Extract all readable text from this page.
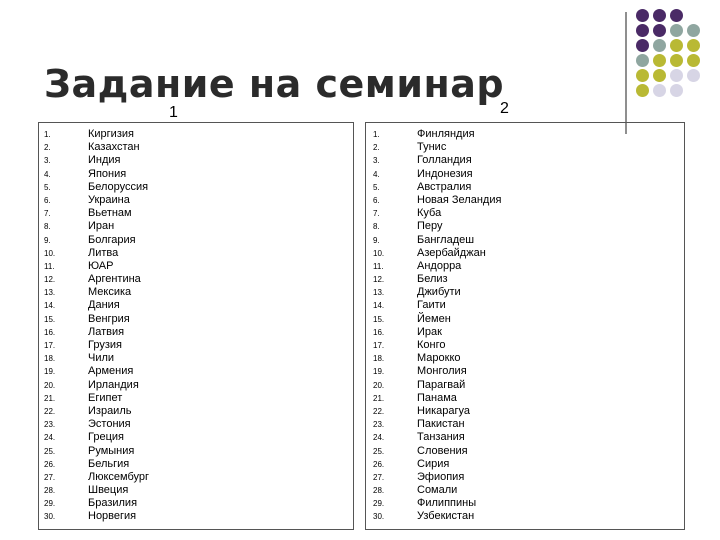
Задание на семинар
1	2
1.	Киргизия
2.	Казахстан
3.	Индия
4.	Япония
5.	Белоруссия
6.	Украина
7.	Вьетнам
8.	Иран
9.	Болгария
10.	Литва
11.	ЮАР
12.	Аргентина
13.	Мексика
14.	Дания
15.	Венгрия
16.	Латвия
17.	Грузия
18.	Чили
19.	Армения
20.	Ирландия
21.	Египет
22.	Израиль
23.	Эстония
24.	Греция
25.	Румыния
26.	Бельгия
27.	Люксембург
28.	Швеция
29.	Бразилия
30.	Норвегия
1.	Финляндия
2.	Тунис
3.	Голландия
4.	Индонезия
5.	Австралия
6.	Новая Зеландия
7.	Куба
8.	Перу
9.	Бангладеш
10.	Азербайджан
11.	Андорра
12.	Белиз
13.	Джибути
14.	Гаити
15.	Йемен
16.	Ирак
17.	Конго
18.	Марокко
19.	Монголия
20.	Парагвай
21.	Панама
22.	Никарагуа
23.	Пакистан
24.	Танзания
25.	Словения
26.	Сирия
27.	Эфиопия
28.	Сомали
29.	Филиппины
30.	Узбекистан
